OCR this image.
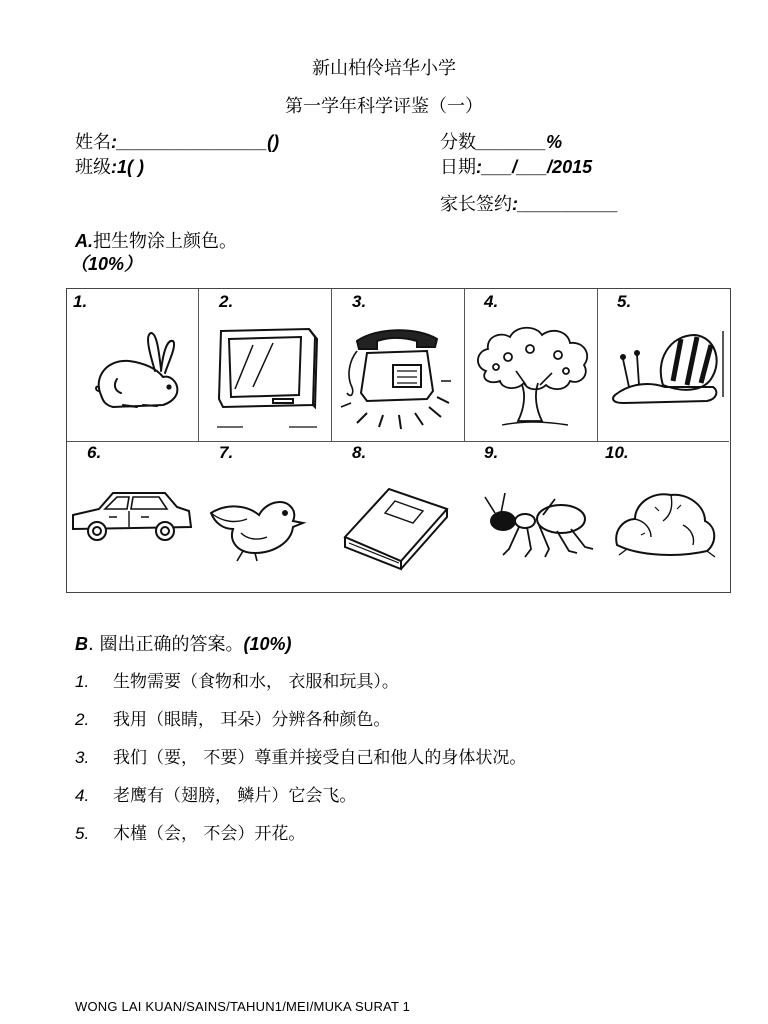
新山柏伶培华小学
第一学年科学评鉴（一）
姓名:_______________()
班级:1( )
分数_______%
日期:___/___/2015
家长签约:__________
A.把生物涂上颜色。
（10%）
1.	2.	3.	4.	5.
6.	7.	8.	9.	10.
B. 圈出正确的答案。(10%)
1. 生物需要（食物和水， 衣服和玩具）。
2. 我用（眼睛， 耳朵）分辨各种颜色。
3. 我们（要， 不要）尊重并接受自己和他人的身体状况。
4. 老鹰有（翅膀， 鳞片）它会飞。
5. 木槿（会， 不会）开花。
WONG LAI KUAN/SAINS/TAHUN1/MEI/MUKA SURAT 1
